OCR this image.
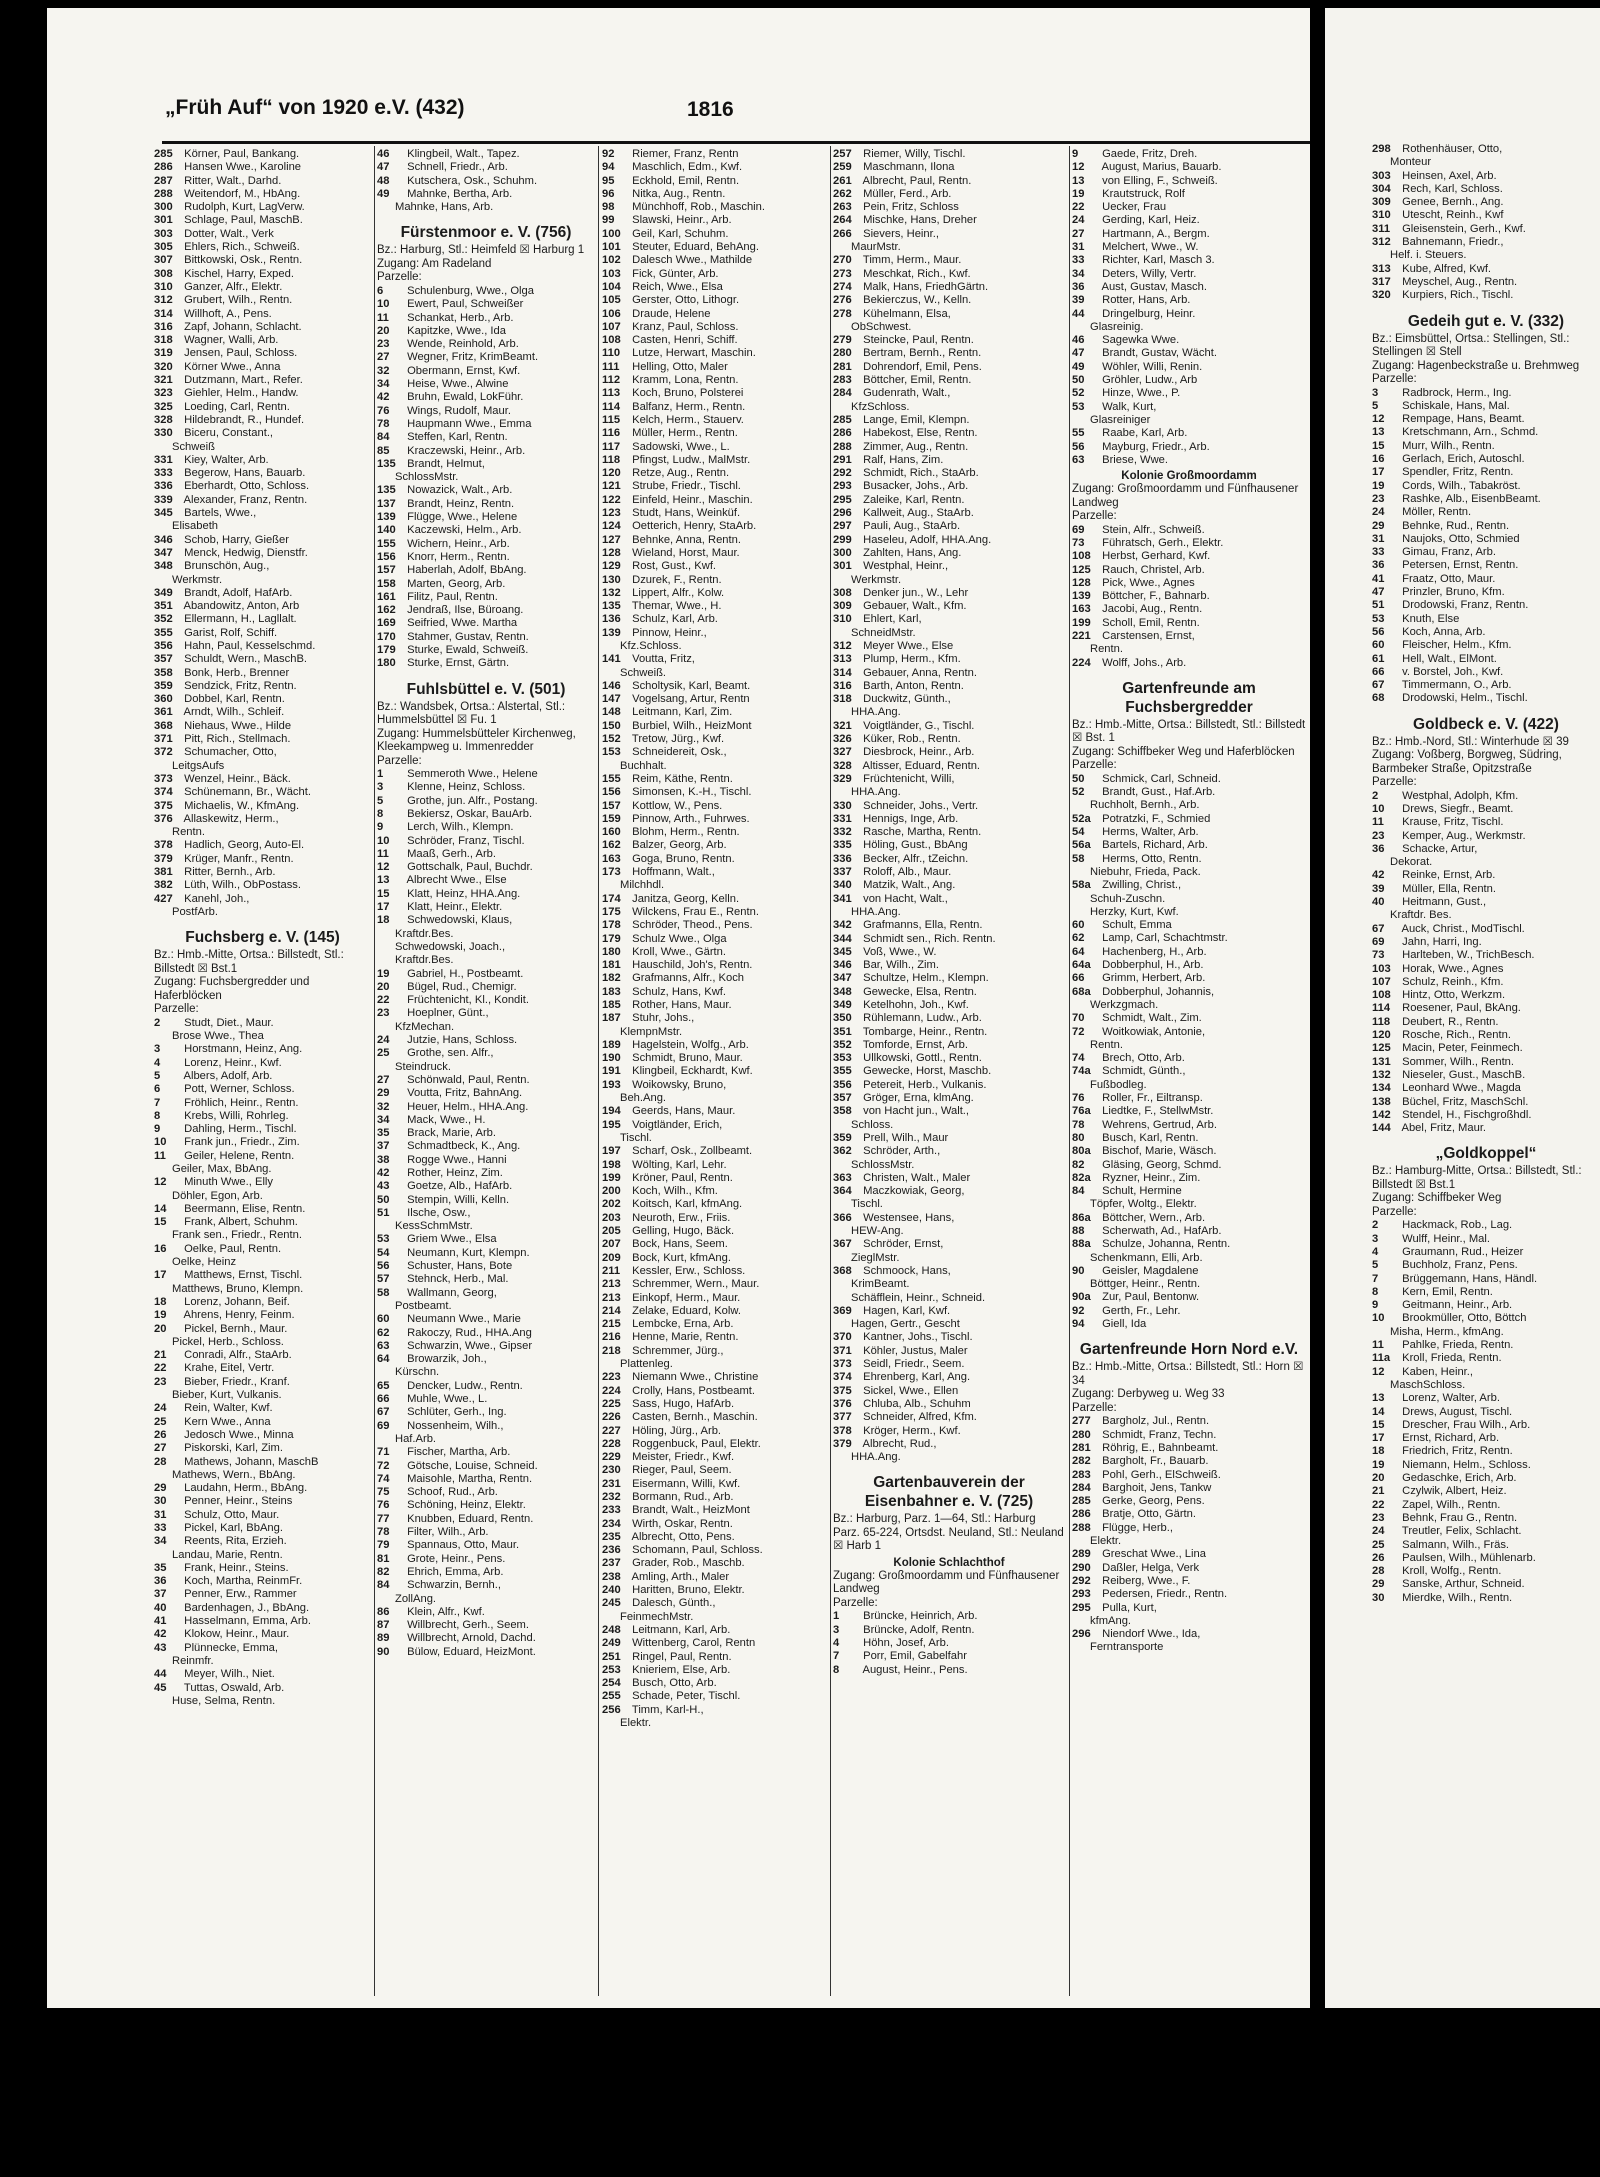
„Früh Auf“ von 1920 e.V. (432)	1816
285 Körner, Paul, Bankang.
286 Hansen Wwe., Karoline
287 Ritter, Walt., Darhd.
288 Weitendorf, M., HbAng.
300 Rudolph, Kurt, LagVerw.
301 Schlage, Paul, MaschB.
303 Dotter, Walt., Verk
305 Ehlers, Rich., Schweiß.
307 Bittkowski, Osk., Rentn.
308 Kischel, Harry, Exped.
310 Ganzer, Alfr., Elektr.
312 Grubert, Wilh., Rentn.
314 Willhoft, A., Pens.
316 Zapf, Johann, Schlacht.
318 Wagner, Walli, Arb.
319 Jensen, Paul, Schloss.
320 Körner Wwe., Anna
321 Dutzmann, Mart., Refer.
323 Giehler, Helm., Handw.
325 Loeding, Carl, Rentn.
328 Hildebrandt, R., Hundef.
330 Biceru, Constant.,
Schweiß
331 Kiey, Walter, Arb.
333 Begerow, Hans, Bauarb.
336 Eberhardt, Otto, Schloss.
339 Alexander, Franz, Rentn.
345 Bartels, Wwe.,
Elisabeth
346 Schob, Harry, Gießer
347 Menck, Hedwig, Dienstfr.
348 Brunschön, Aug.,
Werkmstr.
349 Brandt, Adolf, HafArb.
351 Abandowitz, Anton, Arb
352 Ellermann, H., Lagllalt.
355 Garist, Rolf, Schiff.
356 Hahn, Paul, Kesselschmd.
357 Schuldt, Wern., MaschB.
358 Bonk, Herb., Brenner
359 Sendzick, Fritz, Rentn.
360 Dobbel, Karl, Rentn.
361 Arndt, Wilh., Schleif.
368 Niehaus, Wwe., Hilde
371 Pitt, Rich., Stellmach.
372 Schumacher, Otto,
LeitgsAufs
373 Wenzel, Heinr., Bäck.
374 Schünemann, Br., Wächt.
375 Michaelis, W., KfmAng.
376 Allaskewitz, Herm.,
Rentn.
378 Hadlich, Georg, Auto-El.
379 Krüger, Manfr., Rentn.
381 Ritter, Bernh., Arb.
382 Lüth, Wilh., ObPostass.
427 Kanehl, Joh.,
PostfArb.
Fuchsberg e. V. (145)
Bz.: Hmb.-Mitte, Ortsa.: Billstedt, Stl.: Billstedt ☒ Bst.1
Zugang: Fuchsbergredder und Haferblöcken
Parzelle:
2 Studt, Diet., Maur.
Brose Wwe., Thea
3 Horstmann, Heinz, Ang.
4 Lorenz, Heinr., Kwf.
5 Albers, Adolf, Arb.
6 Pott, Werner, Schloss.
7 Fröhlich, Heinr., Rentn.
8 Krebs, Willi, Rohrleg.
9 Dahling, Herm., Tischl.
10 Frank jun., Friedr., Zim.
11 Geiler, Helene, Rentn.
Geiler, Max, BbAng.
12 Minuth Wwe., Elly
Döhler, Egon, Arb.
14 Beermann, Elise, Rentn.
15 Frank, Albert, Schuhm.
Frank sen., Friedr., Rentn.
16 Oelke, Paul, Rentn.
Oelke, Heinz
17 Matthews, Ernst, Tischl.
Matthews, Bruno, Klempn.
18 Lorenz, Johann, Beif.
19 Ahrens, Henry, Feinm.
20 Pickel, Bernh., Maur.
Pickel, Herb., Schloss.
21 Conradi, Alfr., StaArb.
22 Krahe, Eitel, Vertr.
23 Bieber, Friedr., Kranf.
Bieber, Kurt, Vulkanis.
24 Rein, Walter, Kwf.
25 Kern Wwe., Anna
26 Jedosch Wwe., Minna
27 Piskorski, Karl, Zim.
28 Mathews, Johann, MaschB
Mathews, Wern., BbAng.
29 Laudahn, Herm., BbAng.
30 Penner, Heinr., Steins
31 Schulz, Otto, Maur.
33 Pickel, Karl, BbAng.
34 Reents, Rita, Erzieh.
Landau, Marie, Rentn.
35 Frank, Heinr., Steins.
36 Koch, Martha, ReinmFr.
37 Penner, Erw., Rammer
40 Bardenhagen, J., BbAng.
41 Hasselmann, Emma, Arb.
42 Klokow, Heinr., Maur.
43 Plünnecke, Emma,
Reinmfr.
44 Meyer, Wilh., Niet.
45 Tuttas, Oswald, Arb.
Huse, Selma, Rentn.
46 Klingbeil, Walt., Tapez.
47 Schnell, Friedr., Arb.
48 Kutschera, Osk., Schuhm.
49 Mahnke, Bertha, Arb.
Mahnke, Hans, Arb.
Fürstenmoor e. V. (756)
Bz.: Harburg, Stl.: Heimfeld ☒ Harburg 1
Zugang: Am Radeland
Parzelle:
6 Schulenburg, Wwe., Olga
10 Ewert, Paul, Schweißer
11 Schankat, Herb., Arb.
20 Kapitzke, Wwe., Ida
23 Wende, Reinhold, Arb.
27 Wegner, Fritz, KrimBeamt.
32 Obermann, Ernst, Kwf.
34 Heise, Wwe., Alwine
42 Bruhn, Ewald, LokFühr.
76 Wings, Rudolf, Maur.
78 Haupmann Wwe., Emma
84 Steffen, Karl, Rentn.
85 Kraczewski, Heinr., Arb.
135 Brandt, Helmut,
SchlossMstr.
135 Nowazick, Walt., Arb.
137 Brandt, Heinz, Rentn.
139 Flügge, Wwe., Helene
140 Kaczewski, Helm., Arb.
155 Wichern, Heinr., Arb.
156 Knorr, Herm., Rentn.
157 Haberlah, Adolf, BbAng.
158 Marten, Georg, Arb.
161 Filitz, Paul, Rentn.
162 Jendraß, Ilse, Büroang.
169 Seifried, Wwe. Martha
170 Stahmer, Gustav, Rentn.
179 Sturke, Ewald, Schweiß.
180 Sturke, Ernst, Gärtn.
Fuhlsbüttel e. V. (501)
Bz.: Wandsbek, Ortsa.: Alstertal, Stl.: Hummelsbüttel ☒ Fu. 1
Zugang: Hummelsbütteler Kirchenweg, Kleekampweg u. Immenredder
Parzelle:
1 Semmeroth Wwe., Helene
3 Klenne, Heinz, Schloss.
5 Grothe, jun. Alfr., Postang.
8 Bekiersz, Oskar, BauArb.
9 Lerch, Wilh., Klempn.
10 Schröder, Franz, Tischl.
11 Maaß, Gerh., Arb.
12 Gottschalk, Paul, Buchdr.
13 Albrecht Wwe., Else
15 Klatt, Heinz, HHA.Ang.
17 Klatt, Heinr., Elektr.
18 Schwedowski, Klaus,
Kraftdr.Bes.
Schwedowski, Joach.,
Kraftdr.Bes.
19 Gabriel, H., Postbeamt.
20 Bügel, Rud., Chemigr.
22 Früchtenicht, Kl., Kondit.
23 Hoeplner, Günt.,
KfzMechan.
24 Jutzie, Hans, Schloss.
25 Grothe, sen. Alfr.,
Steindruck.
27 Schönwald, Paul, Rentn.
29 Voutta, Fritz, BahnAng.
32 Heuer, Helm., HHA.Ang.
34 Mack, Wwe., H.
35 Brack, Marie, Arb.
37 Schmadtbeck, K., Ang.
38 Rogge Wwe., Hanni
42 Rother, Heinz, Zim.
43 Goetze, Alb., HafArb.
50 Stempin, Willi, Kelln.
51 Ilsche, Osw.,
KessSchmMstr.
53 Griem Wwe., Elsa
54 Neumann, Kurt, Klempn.
56 Schuster, Hans, Bote
57 Stehnck, Herb., Mal.
58 Wallmann, Georg,
Postbeamt.
60 Neumann Wwe., Marie
62 Rakoczy, Rud., HHA.Ang
63 Schwarzin, Wwe., Gipser
64 Browarzik, Joh.,
Kürschn.
65 Dencker, Ludw., Rentn.
66 Muhle, Wwe., L.
67 Schlüter, Gerh., Ing.
69 Nossenheim, Wilh.,
Haf.Arb.
71 Fischer, Martha, Arb.
72 Götsche, Louise, Schneid.
74 Maisohle, Martha, Rentn.
75 Schoof, Rud., Arb.
76 Schöning, Heinz, Elektr.
77 Knubben, Eduard, Rentn.
78 Filter, Wilh., Arb.
79 Spannaus, Otto, Maur.
81 Grote, Heinr., Pens.
82 Ehrich, Emma, Arb.
84 Schwarzin, Bernh.,
ZollAng.
86 Klein, Alfr., Kwf.
87 Willbrecht, Gerh., Seem.
89 Willbrecht, Arnold, Dachd.
90 Bülow, Eduard, HeizMont.
92 Riemer, Franz, Rentn
94 Maschlich, Edm., Kwf.
95 Eckhold, Emil, Rentn.
96 Nitka, Aug., Rentn.
98 Münchhoff, Rob., Maschin.
99 Slawski, Heinr., Arb.
100 Geil, Karl, Schuhm.
101 Steuter, Eduard, BehAng.
102 Dalesch Wwe., Mathilde
103 Fick, Günter, Arb.
104 Reich, Wwe., Elsa
105 Gerster, Otto, Lithogr.
106 Draude, Helene
107 Kranz, Paul, Schloss.
108 Casten, Henri, Schiff.
110 Lutze, Herwart, Maschin.
111 Helling, Otto, Maler
112 Kramm, Lona, Rentn.
113 Koch, Bruno, Polsterei
114 Balfanz, Herm., Rentn.
115 Kelch, Herm., Stauerv.
116 Müller, Herm., Rentn.
117 Sadowski, Wwe., L.
118 Pfingst, Ludw., MalMstr.
120 Retze, Aug., Rentn.
121 Strube, Friedr., Tischl.
122 Einfeld, Heinr., Maschin.
123 Studt, Hans, Weinküf.
124 Oetterich, Henry, StaArb.
127 Behnke, Anna, Rentn.
128 Wieland, Horst, Maur.
129 Rost, Gust., Kwf.
130 Dzurek, F., Rentn.
132 Lippert, Alfr., Kolw.
135 Themar, Wwe., H.
136 Schulz, Karl, Arb.
139 Pinnow, Heinr.,
Kfz.Schloss.
141 Voutta, Fritz,
Schweiß.
146 Scholtysik, Karl, Beamt.
147 Vogelsang, Artur, Rentn
148 Leitmann, Karl, Zim.
150 Burbiel, Wilh., HeizMont
152 Tretow, Jürg., Kwf.
153 Schneidereit, Osk.,
Buchhalt.
155 Reim, Käthe, Rentn.
156 Simonsen, K.-H., Tischl.
157 Kottlow, W., Pens.
159 Pinnow, Arth., Fuhrwes.
160 Blohm, Herm., Rentn.
162 Balzer, Georg, Arb.
163 Goga, Bruno, Rentn.
173 Hoffmann, Walt.,
Milchhdl.
174 Janitza, Georg, Kelln.
175 Wilckens, Frau E., Rentn.
178 Schröder, Theod., Pens.
179 Schulz Wwe., Olga
180 Kroll, Wwe., Gärtn.
181 Hauschild, Joh's, Rentn.
182 Grafmanns, Alfr., Koch
183 Schulz, Hans, Kwf.
185 Rother, Hans, Maur.
187 Stuhr, Johs.,
KlempnMstr.
189 Hagelstein, Wolfg., Arb.
190 Schmidt, Bruno, Maur.
191 Klingbeil, Eckhardt, Kwf.
193 Woikowsky, Bruno,
Beh.Ang.
194 Geerds, Hans, Maur.
195 Voigtländer, Erich,
Tischl.
197 Scharf, Osk., Zollbeamt.
198 Wölting, Karl, Lehr.
199 Kröner, Paul, Rentn.
200 Koch, Wilh., Kfm.
202 Koitsch, Karl, kfmAng.
203 Neuroth, Erw., Friis.
205 Gelling, Hugo, Bäck.
207 Bock, Hans, Seem.
209 Bock, Kurt, kfmAng.
211 Kessler, Erw., Schloss.
213 Schremmer, Wern., Maur.
213 Einkopf, Herm., Maur.
214 Zelake, Eduard, Kolw.
215 Lembcke, Erna, Arb.
216 Henne, Marie, Rentn.
218 Schremmer, Jürg.,
Plattenleg.
223 Niemann Wwe., Christine
224 Crolly, Hans, Postbeamt.
225 Sass, Hugo, HafArb.
226 Casten, Bernh., Maschin.
227 Höling, Jürg., Arb.
228 Roggenbuck, Paul, Elektr.
229 Meister, Friedr., Kwf.
230 Rieger, Paul, Seem.
231 Eisermann, Willi, Kwf.
232 Bormann, Rud., Arb.
233 Brandt, Walt., HeizMont
234 Wirth, Oskar, Rentn.
235 Albrecht, Otto, Pens.
236 Schomann, Paul, Schloss.
237 Grader, Rob., Maschb.
238 Amling, Arth., Maler
240 Haritten, Bruno, Elektr.
245 Dalesch, Günth.,
FeinmechMstr.
248 Leitmann, Karl, Arb.
249 Wittenberg, Carol, Rentn
251 Ringel, Paul, Rentn.
253 Knieriem, Else, Arb.
254 Busch, Otto, Arb.
255 Schade, Peter, Tischl.
256 Timm, Karl-H.,
Elektr.
257 Riemer, Willy, Tischl.
259 Maschmann, Ilona
261 Albrecht, Paul, Rentn.
262 Müller, Ferd., Arb.
263 Pein, Fritz, Schloss
264 Mischke, Hans, Dreher
266 Sievers, Heinr.,
MaurMstr.
270 Timm, Herm., Maur.
273 Meschkat, Rich., Kwf.
274 Malk, Hans, FriedhGärtn.
276 Bekierczus, W., Kelln.
278 Kühelmann, Elsa,
ObSchwest.
279 Steincke, Paul, Rentn.
280 Bertram, Bernh., Rentn.
281 Dohrendorf, Emil, Pens.
283 Böttcher, Emil, Rentn.
284 Gudenrath, Walt.,
KfzSchloss.
285 Lange, Emil, Klempn.
286 Habekost, Else, Rentn.
288 Zimmer, Aug., Rentn.
291 Ralf, Hans, Zim.
292 Schmidt, Rich., StaArb.
293 Busacker, Johs., Arb.
295 Zaleike, Karl, Rentn.
296 Kallweit, Aug., StaArb.
297 Pauli, Aug., StaArb.
299 Haseleu, Adolf, HHA.Ang.
300 Zahlten, Hans, Ang.
301 Westphal, Heinr.,
Werkmstr.
308 Denker jun., W., Lehr
309 Gebauer, Walt., Kfm.
310 Ehlert, Karl,
SchneidMstr.
312 Meyer Wwe., Else
313 Plump, Herm., Kfm.
314 Gebauer, Anna, Rentn.
316 Barth, Anton, Rentn.
318 Duckwitz, Günth.,
HHA.Ang.
321 Voigtländer, G., Tischl.
326 Küker, Rob., Rentn.
327 Diesbrock, Heinr., Arb.
328 Altisser, Eduard, Rentn.
329 Früchtenicht, Willi,
HHA.Ang.
330 Schneider, Johs., Vertr.
331 Hennigs, Inge, Arb.
332 Rasche, Martha, Rentn.
335 Höling, Gust., BbAng
336 Becker, Alfr., tZeichn.
337 Roloff, Alb., Maur.
340 Matzik, Walt., Ang.
341 von Hacht, Walt.,
HHA.Ang.
342 Grafmanns, Ella, Rentn.
344 Schmidt sen., Rich. Rentn.
345 Voß, Wwe., W.
346 Bar, Wilh., Zim.
347 Schultze, Helm., Klempn.
348 Gewecke, Elsa, Rentn.
349 Ketelhohn, Joh., Kwf.
350 Rühlemann, Ludw., Arb.
351 Tombarge, Heinr., Rentn.
352 Tomforde, Ernst, Arb.
353 Ullkowski, Gottl., Rentn.
355 Gewecke, Horst, Maschb.
356 Petereit, Herb., Vulkanis.
357 Gröger, Erna, klmAng.
358 von Hacht jun., Walt.,
Schloss.
359 Prell, Wilh., Maur
362 Schröder, Arth.,
SchlossMstr.
363 Christen, Walt., Maler
364 Maczkowiak, Georg,
Tischl.
366 Westensee, Hans,
HEW-Ang.
367 Schröder, Ernst,
ZieglMstr.
368 Schmoock, Hans,
KrimBeamt.
Schäfflein, Heinr., Schneid.
369 Hagen, Karl, Kwf.
Hagen, Gertr., Gescht
370 Kantner, Johs., Tischl.
371 Köhler, Justus, Maler
373 Seidl, Friedr., Seem.
374 Ehrenberg, Karl, Ang.
375 Sickel, Wwe., Ellen
376 Chluba, Alb., Schuhm
377 Schneider, Alfred, Kfm.
378 Kröger, Herm., Kwf.
379 Albrecht, Rud.,
HHA.Ang.
Gartenbauverein der Eisenbahner e. V. (725)
Bz.: Harburg, Parz. 1—64, Stl.: Harburg Parz. 65-224, Ortsdst. Neuland, Stl.: Neuland ☒ Harb 1
Kolonie Schlachthof
Zugang: Großmoordamm und Fünfhausener Landweg
Parzelle:
1 Brüncke, Heinrich, Arb.
3 Brüncke, Adolf, Rentn.
4 Höhn, Josef, Arb.
7 Porr, Emil, Gabelfahr
8 August, Heinr., Pens.
9 Gaede, Fritz, Dreh.
12 August, Marius, Bauarb.
13 von Elling, F., Schweiß.
19 Krautstruck, Rolf
22 Uecker, Frau
24 Gerding, Karl, Heiz.
27 Hartmann, A., Bergm.
31 Melchert, Wwe., W.
33 Richter, Karl, Masch 3.
34 Deters, Willy, Vertr.
36 Aust, Gustav, Masch.
39 Rotter, Hans, Arb.
44 Dringelburg, Heinr.
Glasreinig.
46 Sagewka Wwe.
47 Brandt, Gustav, Wächt.
49 Wöhler, Willi, Renin.
50 Gröhler, Ludw., Arb
52 Hinze, Wwe., P.
53 Walk, Kurt,
Glasreiniger
55 Raabe, Karl, Arb.
56 Mayburg, Friedr., Arb.
63 Briese, Wwe.
Kolonie Großmoordamm
Zugang: Großmoordamm und Fünfhausener Landweg
Parzelle:
69 Stein, Alfr., Schweiß.
73 Führatsch, Gerh., Elektr.
108 Herbst, Gerhard, Kwf.
125 Rauch, Christel, Arb.
128 Pick, Wwe., Agnes
139 Böttcher, F., Bahnarb.
163 Jacobi, Aug., Rentn.
199 Scholl, Emil, Rentn.
221 Carstensen, Ernst,
Rentn.
224 Wolff, Johs., Arb.
Gartenfreunde am Fuchsbergredder
Bz.: Hmb.-Mitte, Ortsa.: Billstedt, Stl.: Billstedt ☒ Bst. 1
Zugang: Schiffbeker Weg und Haferblöcken
Parzelle:
50 Schmick, Carl, Schneid.
52 Brandt, Gust., Haf.Arb.
Ruchholt, Bernh., Arb.
52a Potratzki, F., Schmied
54 Herms, Walter, Arb.
56a Bartels, Richard, Arb.
58 Herms, Otto, Rentn.
Niebuhr, Frieda, Pack.
58a Zwilling, Christ.,
Schuh-Zuschn.
Herzky, Kurt, Kwf.
60 Schult, Emma
62 Lamp, Carl, Schachtmstr.
64 Hachenberg, H., Arb.
64a Dobberphul, H., Arb.
66 Grimm, Herbert, Arb.
68a Dobberphul, Johannis,
Werkzgmach.
70 Schmidt, Walt., Zim.
72 Woitkowiak, Antonie,
Rentn.
74 Brech, Otto, Arb.
74a Schmidt, Günth.,
Fußbodleg.
76 Roller, Fr., Eiltransp.
76a Liedtke, F., StellwMstr.
78 Wehrens, Gertrud, Arb.
80 Busch, Karl, Rentn.
80a Bischof, Marie, Wäsch.
82 Gläsing, Georg, Schmd.
82a Ryzner, Heinr., Zim.
84 Schult, Hermine
Töpfer, Woltg., Elektr.
86a Böttcher, Wern., Arb.
88 Scherwath, Ad., HafArb.
88a Schulze, Johanna, Rentn.
Schenkmann, Elli, Arb.
90 Geisler, Magdalene
Böttger, Heinr., Rentn.
90a Zur, Paul, Bentonw.
92 Gerth, Fr., Lehr.
94 Giell, Ida
Gartenfreunde Horn Nord e.V.
Bz.: Hmb.-Mitte, Ortsa.: Billstedt, Stl.: Horn ☒ 34
Zugang: Derbyweg u. Weg 33
Parzelle:
277 Bargholz, Jul., Rentn.
280 Schmidt, Franz, Techn.
281 Röhrig, E., Bahnbeamt.
282 Bargholt, Fr., Bauarb.
283 Pohl, Gerh., ElSchweiß.
284 Barghoit, Jens, Tankw
285 Gerke, Georg, Pens.
286 Bratje, Otto, Gärtn.
288 Flügge, Herb.,
Elektr.
289 Greschat Wwe., Lina
290 Daßler, Helga, Verk
292 Reiberg, Wwe., F.
293 Pedersen, Friedr., Rentn.
295 Pulla, Kurt,
kfmAng.
296 Niendorf Wwe., Ida,
Ferntransporte
298 Rothenhäuser, Otto,
Monteur
303 Heinsen, Axel, Arb.
304 Rech, Karl, Schloss.
309 Genee, Bernh., Ang.
310 Utescht, Reinh., Kwf
311 Gleisenstein, Gerh., Kwf.
312 Bahnemann, Friedr.,
Helf. i. Steuers.
313 Kube, Alfred, Kwf.
317 Meyschel, Aug., Rentn.
320 Kurpiers, Rich., Tischl.
Gedeih gut e. V. (332)
Bz.: Eimsbüttel, Ortsa.: Stellingen, Stl.: Stellingen ☒ Stell
Zugang: Hagenbeckstraße u. Brehmweg
Parzelle:
3 Radbrock, Herm., Ing.
5 Schiskale, Hans, Mal.
12 Rempage, Hans, Beamt.
13 Kretschmann, Arn., Schmd.
15 Murr, Wilh., Rentn.
16 Gerlach, Erich, Autoschl.
17 Spendler, Fritz, Rentn.
19 Cords, Wilh., Tabakröst.
23 Rashke, Alb., EisenbBeamt.
24 Möller, Rentn.
29 Behnke, Rud., Rentn.
31 Naujoks, Otto, Schmied
33 Gimau, Franz, Arb.
36 Petersen, Ernst, Rentn.
41 Fraatz, Otto, Maur.
47 Prinzler, Bruno, Kfm.
51 Drodowski, Franz, Rentn.
53 Knuth, Else
56 Koch, Anna, Arb.
60 Fleischer, Helm., Kfm.
61 Hell, Walt., ElMont.
66 v. Borstel, Joh., Kwf.
67 Timmermann, O., Arb.
68 Drodowski, Helm., Tischl.
Goldbeck e. V. (422)
Bz.: Hmb.-Nord, Stl.: Winterhude ☒ 39
Zugang: Voßberg, Borgweg, Südring, Barmbeker Straße, Opitzstraße
Parzelle:
2 Westphal, Adolph, Kfm.
10 Drews, Siegfr., Beamt.
11 Krause, Fritz, Tischl.
23 Kemper, Aug., Werkmstr.
36 Schacke, Artur,
Dekorat.
42 Reinke, Ernst, Arb.
39 Müller, Ella, Rentn.
40 Heitmann, Gust.,
Kraftdr. Bes.
67 Auck, Christ., ModTischl.
69 Jahn, Harri, Ing.
73 Harlteben, W., TrichBesch.
103 Horak, Wwe., Agnes
107 Schulz, Reinh., Kfm.
108 Hintz, Otto, Werkzm.
114 Roesener, Paul, BkAng.
118 Deubert, R., Rentn.
120 Rosche, Rich., Rentn.
125 Macin, Peter, Feinmech.
131 Sommer, Wilh., Rentn.
132 Nieseler, Gust., MaschB.
134 Leonhard Wwe., Magda
138 Büchel, Fritz, MaschSchl.
142 Stendel, H., Fischgroßhdl.
144 Abel, Fritz, Maur.
„Goldkoppel“
Bz.: Hamburg-Mitte, Ortsa.: Billstedt, Stl.: Billstedt ☒ Bst.1
Zugang: Schiffbeker Weg
Parzelle:
2 Hackmack, Rob., Lag.
3 Wulff, Heinr., Mal.
4 Graumann, Rud., Heizer
5 Buchholz, Franz, Pens.
7 Brüggemann, Hans, Händl.
8 Kern, Emil, Rentn.
9 Geitmann, Heinr., Arb.
10 Brookmüller, Otto, Böttch
Misha, Herm., kfmAng.
11 Pahlke, Frieda, Rentn.
11a Kroll, Frieda, Rentn.
12 Kaben, Heinr.,
MaschSchloss.
13 Lorenz, Walter, Arb.
14 Drews, August, Tischl.
15 Drescher, Frau Wilh., Arb.
17 Ernst, Richard, Arb.
18 Friedrich, Fritz, Rentn.
19 Niemann, Helm., Schloss.
20 Gedaschke, Erich, Arb.
21 Czylwik, Albert, Heiz.
22 Zapel, Wilh., Rentn.
23 Behnk, Frau G., Rentn.
24 Treutler, Felix, Schlacht.
25 Salmann, Wilh., Fräs.
26 Paulsen, Wilh., Mühlenarb.
28 Kroll, Wolfg., Rentn.
29 Sanske, Arthur, Schneid.
30 Mierdke, Wilh., Rentn.
